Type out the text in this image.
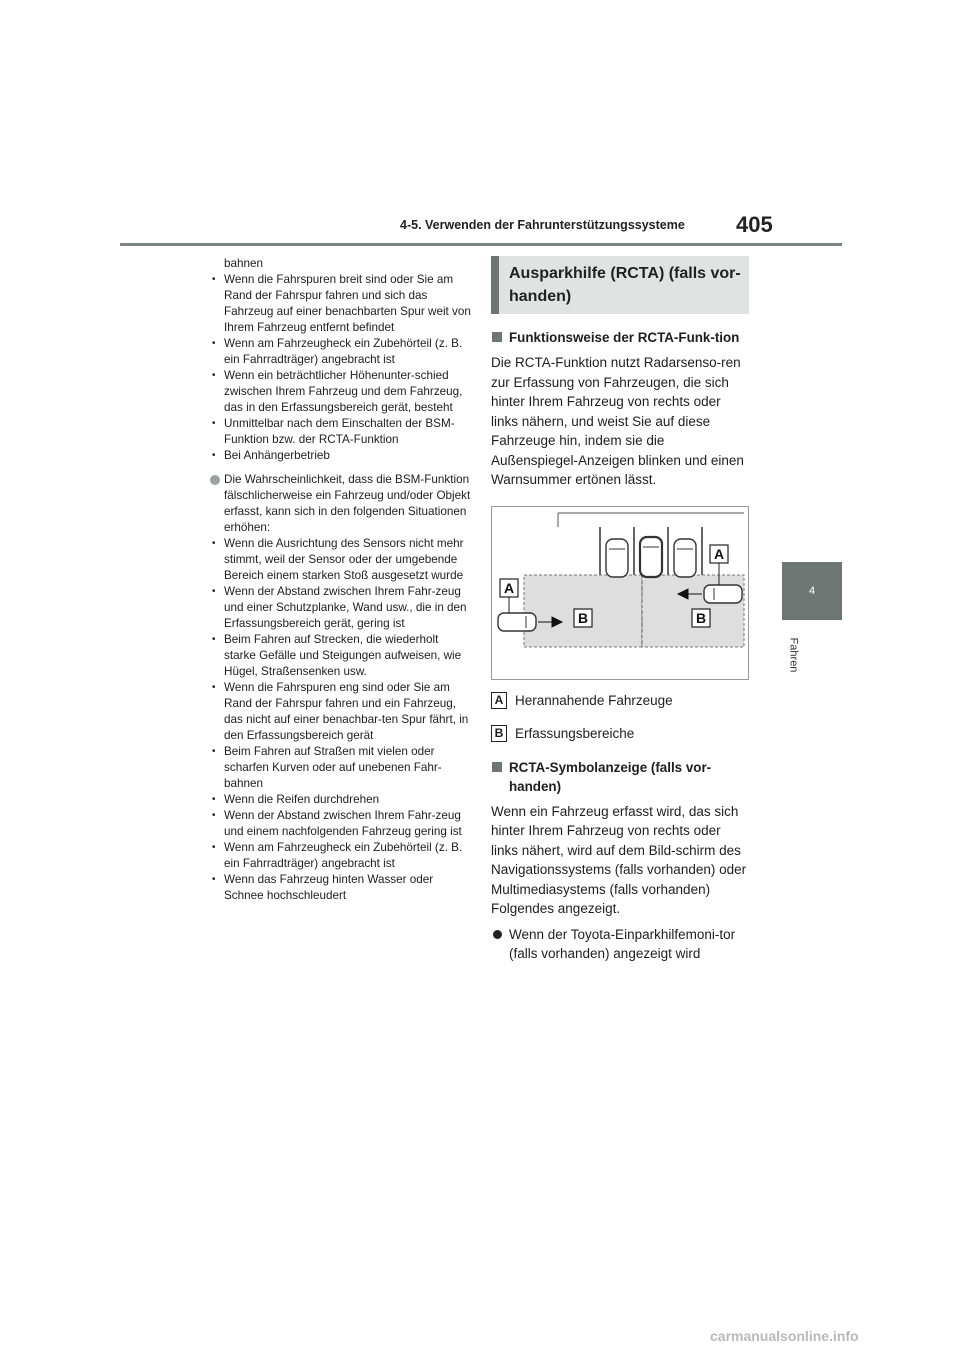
4-5. Verwenden der Fahrunterstützungssysteme 405
4
Fahren
bahnen
• Wenn die Fahrspuren breit sind oder Sie am Rand der Fahrspur fahren und sich das Fahrzeug auf einer benachbarten Spur weit von Ihrem Fahrzeug entfernt befindet
• Wenn am Fahrzeugheck ein Zubehörteil (z. B. ein Fahrradträger) angebracht ist
• Wenn ein beträchtlicher Höhenunter-schied zwischen Ihrem Fahrzeug und dem Fahrzeug, das in den Erfassungsbereich gerät, besteht
• Unmittelbar nach dem Einschalten der BSM-Funktion bzw. der RCTA-Funktion
• Bei Anhängerbetrieb
Die Wahrscheinlichkeit, dass die BSM-Funktion fälschlicherweise ein Fahrzeug und/oder Objekt erfasst, kann sich in den folgenden Situationen erhöhen:
• Wenn die Ausrichtung des Sensors nicht mehr stimmt, weil der Sensor oder der umgebende Bereich einem starken Stoß ausgesetzt wurde
• Wenn der Abstand zwischen Ihrem Fahr-zeug und einer Schutzplanke, Wand usw., die in den Erfassungsbereich gerät, gering ist
• Beim Fahren auf Strecken, die wiederholt starke Gefälle und Steigungen aufweisen, wie Hügel, Straßensenken usw.
• Wenn die Fahrspuren eng sind oder Sie am Rand der Fahrspur fahren und ein Fahrzeug, das nicht auf einer benachbar-ten Spur fährt, in den Erfassungsbereich gerät
• Beim Fahren auf Straßen mit vielen oder scharfen Kurven oder auf unebenen Fahr-bahnen
• Wenn die Reifen durchdrehen
• Wenn der Abstand zwischen Ihrem Fahr-zeug und einem nachfolgenden Fahrzeug gering ist
• Wenn am Fahrzeugheck ein Zubehörteil (z. B. ein Fahrradträger) angebracht ist
• Wenn das Fahrzeug hinten Wasser oder Schnee hochschleudert
Ausparkhilfe (RCTA) (falls vor-handen)
Funktionsweise der RCTA-Funk-tion
Die RCTA-Funktion nutzt Radarsenso-ren zur Erfassung von Fahrzeugen, die sich hinter Ihrem Fahrzeug von rechts oder links nähern, und weist Sie auf diese Fahrzeuge hin, indem sie die Außenspiegel-Anzeigen blinken und einen Warnsummer ertönen lässt.
A
A
B	B
A Herannahende Fahrzeuge
B Erfassungsbereiche
RCTA-Symbolanzeige (falls vor-handen)
Wenn ein Fahrzeug erfasst wird, das sich hinter Ihrem Fahrzeug von rechts oder links nähert, wird auf dem Bild-schirm des Navigationssystems (falls vorhanden) oder Multimediasystems (falls vorhanden) Folgendes angezeigt.
Wenn der Toyota-Einparkhilfemoni-tor (falls vorhanden) angezeigt wird
carmanualsonline.info
